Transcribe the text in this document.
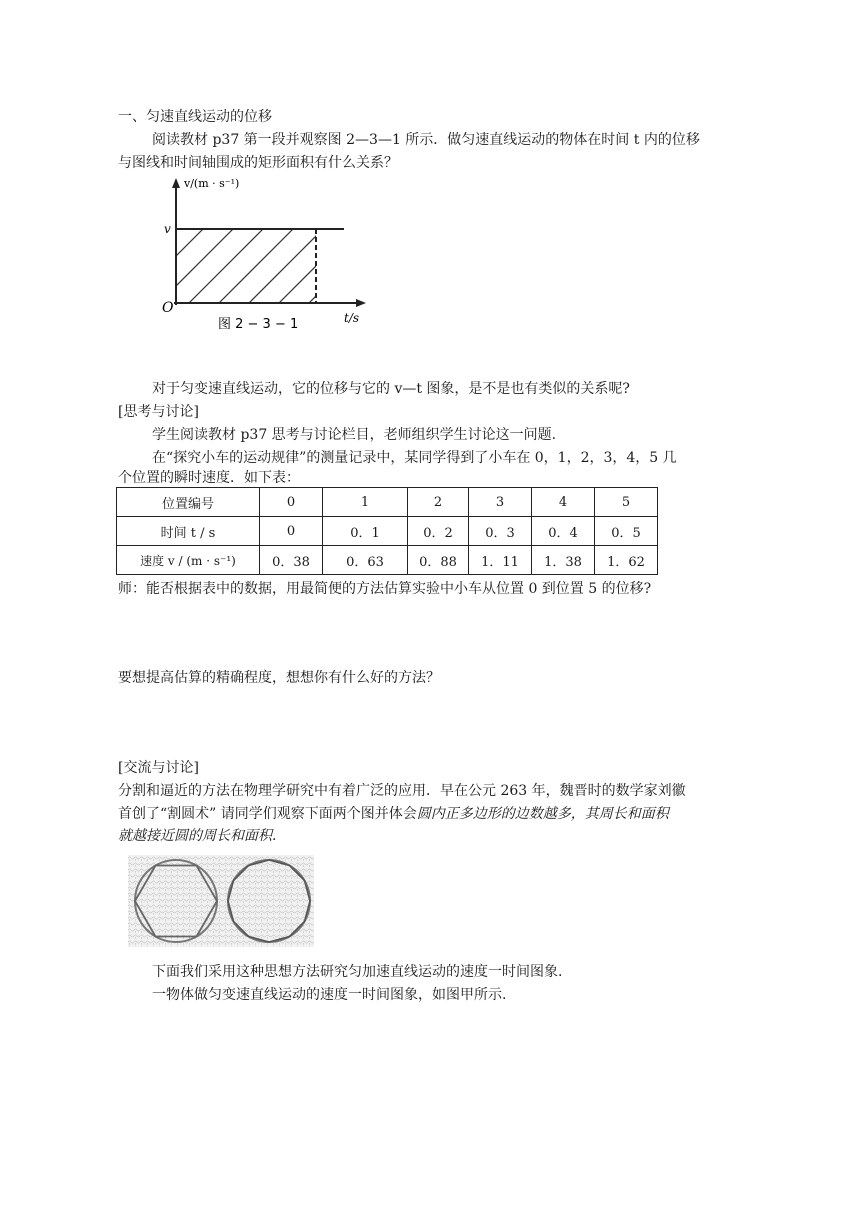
一、匀速直线运动的位移

阅读教材 p37 第一段并观察图 2—3—1 所示．做匀速直线运动的物体在时间 t 内的位移

与图线和时间轴围成的矩形面积有什么关系？

v/(m · s⁻¹)
v
O
图 2 − 3 − 1	t/s

对于匀变速直线运动，它的位移与它的 v—t 图象，是不是也有类似的关系呢?

[思考与讨论]

学生阅读教材 p37 思考与讨论栏目，老师组织学生讨论这一问题.

在“探究小车的运动规律”的测量记录中，某同学得到了小车在 0，1，2，3，4，5 几

个位置的瞬时速度．如下表：

位置编号	0	1	2	3	4	5
时间 t / s	0	0．1	0．2	0．3	0．4	0．5
速度 v / (m · s⁻¹)	0．38	0．63	0．88	1．11	1．38	1．62

师：能否根据表中的数据，用最简便的方法估算实验中小车从位置 0 到位置 5 的位移?

要想提高估算的精确程度，想想你有什么好的方法？

[交流与讨论]

分割和逼近的方法在物理学研究中有着广泛的应用．早在公元 263 年，魏晋时的数学家刘徽

首创了“割圆术” 请同学们观察下面两个图并体会圆内正多边形的边数越多，其周长和面积

就越接近圆的周长和面积.

下面我们采用这种思想方法研究匀加速直线运动的速度一时间图象.

一物体做匀变速直线运动的速度一时间图象，如图甲所示.
